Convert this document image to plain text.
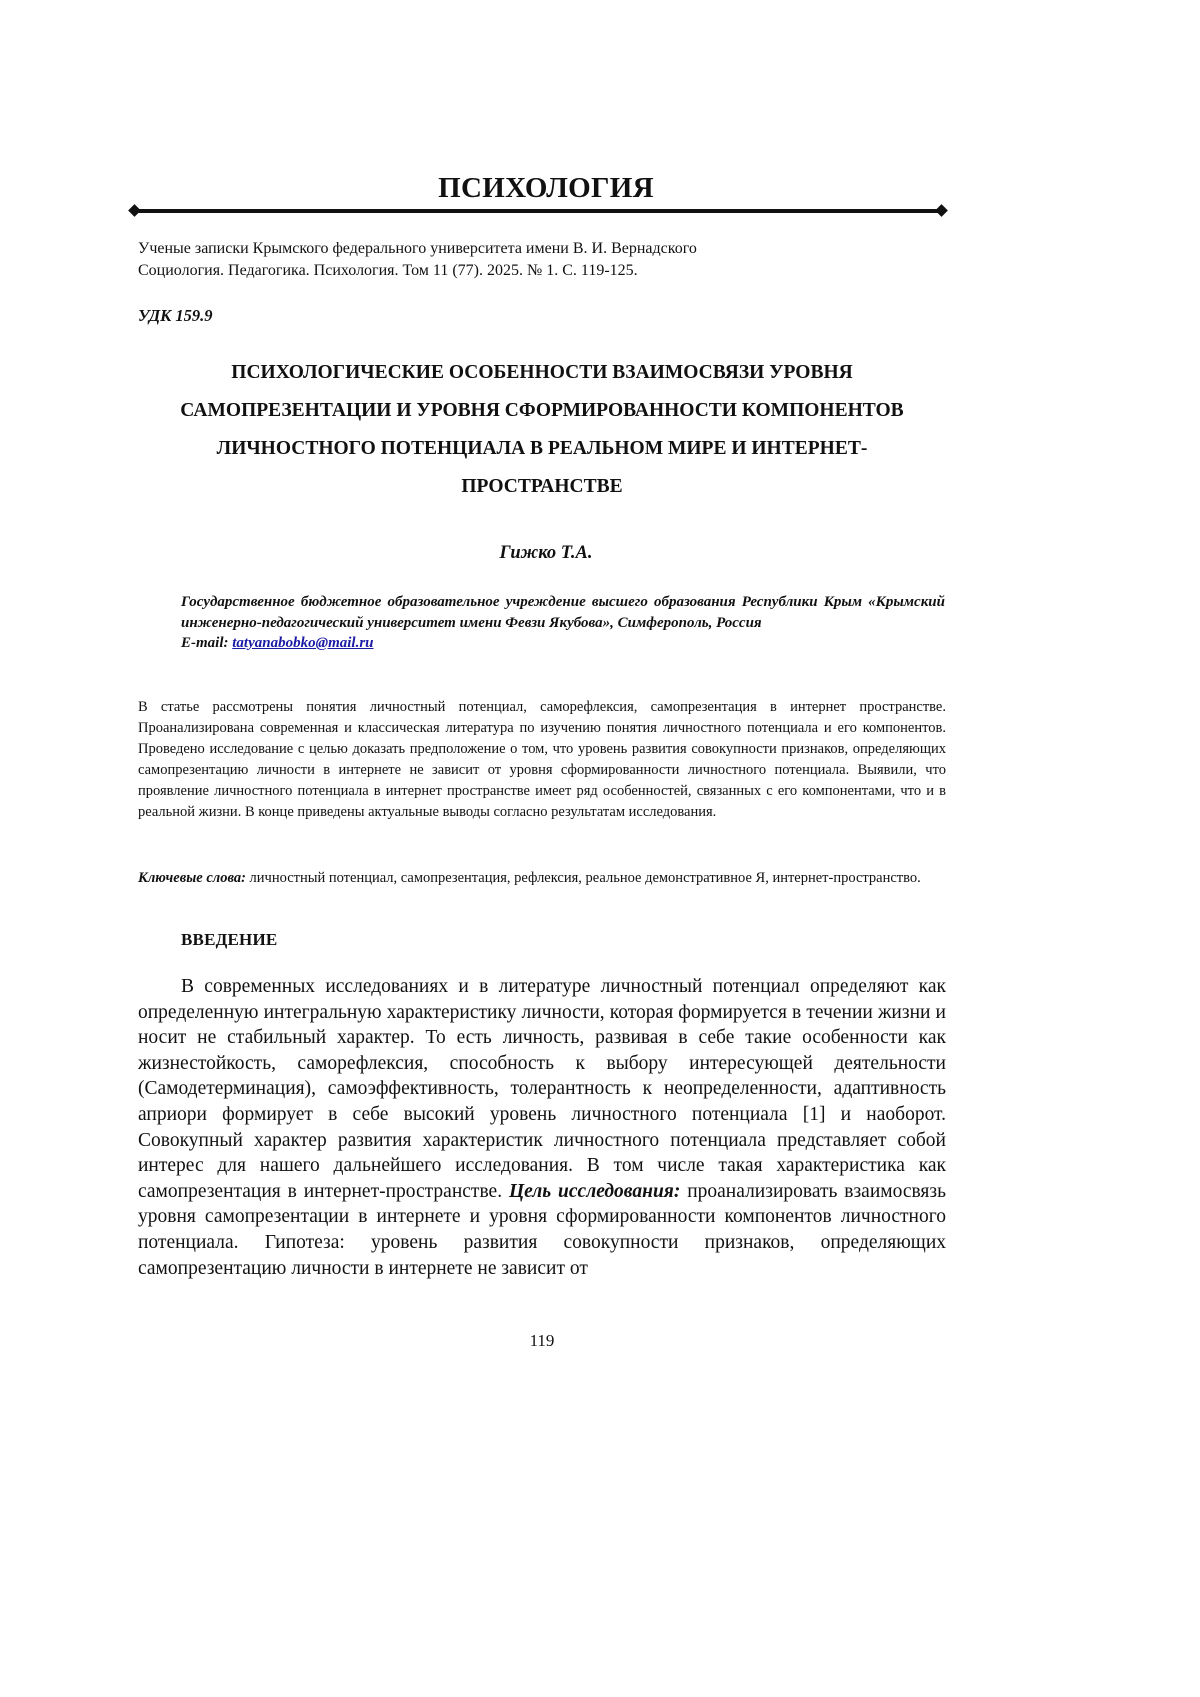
ПСИХОЛОГИЯ
Ученые записки Крымского федерального университета имени В. И. Вернадского
Социология. Педагогика. Психология. Том 11 (77). 2025. № 1. С. 119-125.
УДК 159.9
ПСИХОЛОГИЧЕСКИЕ ОСОБЕННОСТИ ВЗАИМОСВЯЗИ УРОВНЯ САМОПРЕЗЕНТАЦИИ И УРОВНЯ СФОРМИРОВАННОСТИ КОМПОНЕНТОВ ЛИЧНОСТНОГО ПОТЕНЦИАЛА В РЕАЛЬНОМ МИРЕ И ИНТЕРНЕТ-ПРОСТРАНСТВЕ
Гижко Т.А.
Государственное бюджетное образовательное учреждение высшего образования Республики Крым «Крымский инженерно-педагогический университет имени Февзи Якубова», Симферополь, Россия
E-mail: tatyanabobko@mail.ru
В статье рассмотрены понятия личностный потенциал, саморефлексия, самопрезентация в интернет пространстве. Проанализирована современная и классическая литература по изучению понятия личностного потенциала и его компонентов. Проведено исследование с целью доказать предположение о том, что уровень развития совокупности признаков, определяющих самопрезентацию личности в интернете не зависит от уровня сформированности личностного потенциала. Выявили, что проявление личностного потенциала в интернет пространстве имеет ряд особенностей, связанных с его компонентами, что и в реальной жизни. В конце приведены актуальные выводы согласно результатам исследования.
Ключевые слова: личностный потенциал, самопрезентация, рефлексия, реальное демонстративное Я, интернет-пространство.
ВВЕДЕНИЕ
В современных исследованиях и в литературе личностный потенциал определяют как определенную интегральную характеристику личности, которая формируется в течении жизни и носит не стабильный характер. То есть личность, развивая в себе такие особенности как жизнестойкость, саморефлексия, способность к выбору интересующей деятельности (Самодетерминация), самоэффективность, толерантность к неопределенности, адаптивность априори формирует в себе высокий уровень личностного потенциала [1] и наоборот. Совокупный характер развития характеристик личностного потенциала представляет собой интерес для нашего дальнейшего исследования. В том числе такая характеристика как самопрезентация в интернет-пространстве. Цель исследования: проанализировать взаимосвязь уровня самопрезентации в интернете и уровня сформированности компонентов личностного потенциала. Гипотеза: уровень развития совокупности признаков, определяющих самопрезентацию личности в интернете не зависит от
119
